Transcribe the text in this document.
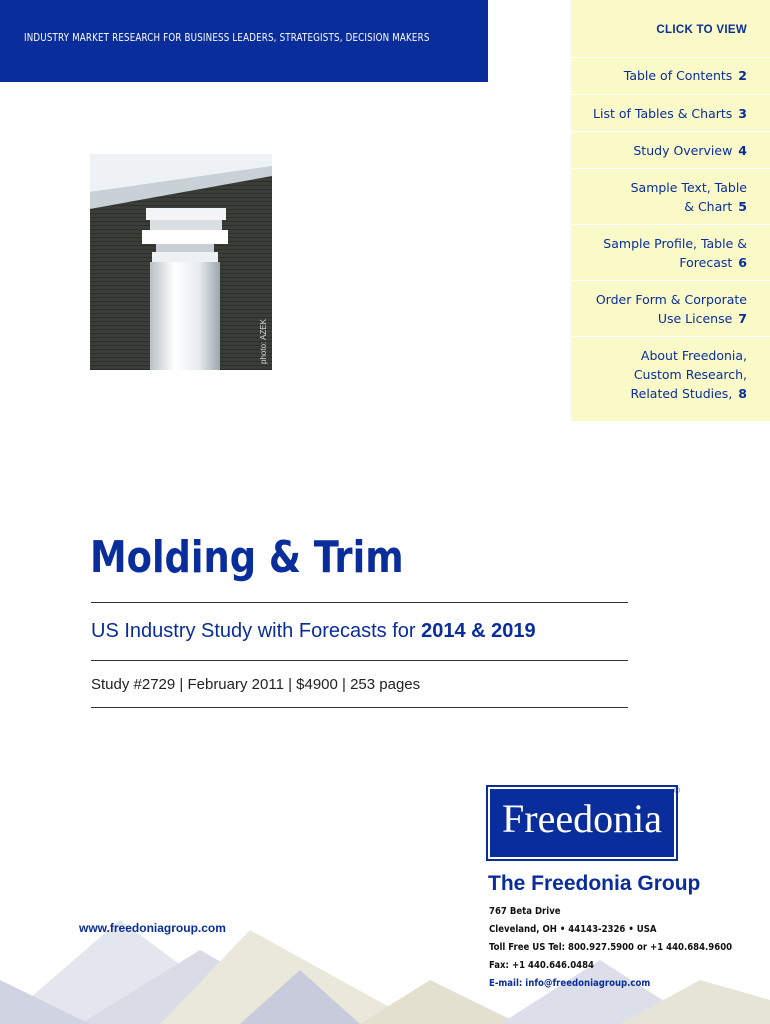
INDUSTRY MARKET RESEARCH FOR BUSINESS LEADERS, STRATEGISTS, DECISION MAKERS
CLICK TO VIEW
Table of Contents 2
List of Tables & Charts 3
Study Overview 4
Sample Text, Table
& Chart 5
Sample Profile, Table &
Forecast 6
Order Form & Corporate
Use License 7
About Freedonia,
Custom Research,
Related Studies, 8
photo: AZEK
Molding & Trim
US Industry Study with Forecasts for 2014 & 2019
Study #2729 | February 2011 | $4900 | 253 pages
Freedonia
®
The Freedonia Group
767 Beta Drive
Cleveland, OH • 44143-2326 • USA
Toll Free US Tel: 800.927.5900 or +1 440.684.9600
Fax: +1 440.646.0484
E-mail: info@freedoniagroup.com
www.freedoniagroup.com
